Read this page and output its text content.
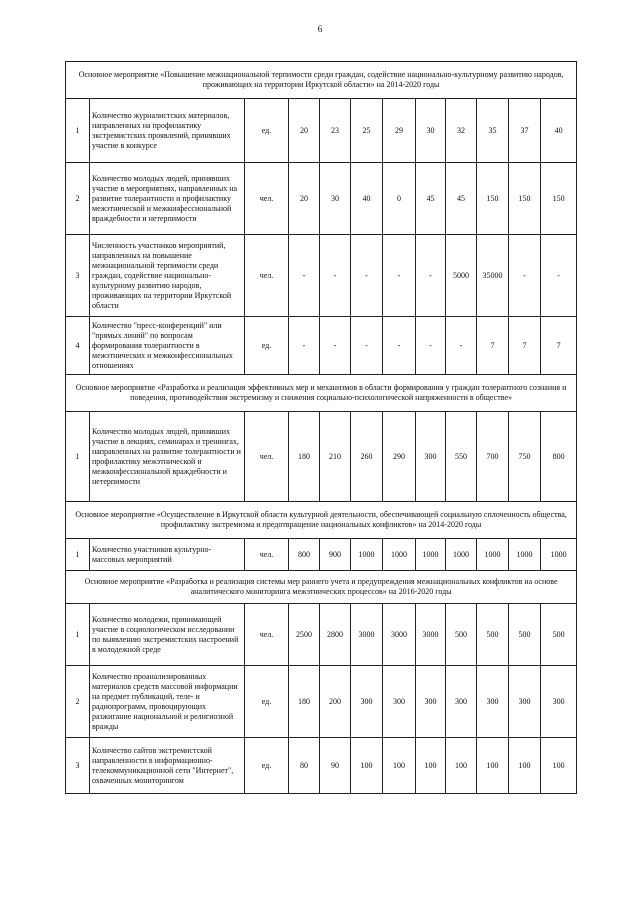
6
Основное мероприятие «Повышение межнациональной терпимости среди граждан, содействие национально-культурному развитию народов, проживающих на территории Иркутской области» на 2014-2020 годы											
1	Количество журналистских материалов, направленных на профилактику экстремистских проявлений, принявших участие в конкурсе	ед.	20	23	25	29	30	32	35	37	40
2	Количество молодых людей, принявших участие в мероприятиях, направленных на развитие толерантности и профилактику межэтнической и межконфессиональной враждебности и нетерпимости	чел.	20	30	40	0	45	45	150	150	150
3	Численность участников мероприятий, направленных на повышение межнациональной терпимости среди граждан, содействие национально-культурному развитию народов, проживающих на территории Иркутской области	чел.	-	-	-	-	-	5000	35000	-	-
4	Количество "пресс-конференций" или "прямых линий" по вопросам формирования толерантности в межэтнических и межконфессиональных отношениях	ед.	-	-	-	-	-	-	7	7	7
Основное мероприятие «Разработка и реализация эффективных мер и механизмов в области формирования у граждан толерантного сознания и поведения, противодействия экстремизму и снижения социально-психологической напряженности в обществе»											
1	Количество молодых людей, принявших участие в лекциях, семинарах и тренингах, направленных на развитие толерантности и профилактику межэтнической и межконфессиональной враждебности и нетерпимости	чел.	180	210	260	290	300	550	700	750	800
Основное мероприятие «Осуществление в Иркутской области культурной деятельности, обеспечивающей социальную сплоченность общества, профилактику экстремизма и предотвращение национальных конфликтов» на 2014-2020 годы											
1	Количество участников культурно-массовых мероприятий	чел.	800	900	1000	1000	1000	1000	1000	1000	1000
Основное мероприятие «Разработка и реализация системы мер раннего учета и предупреждения межнациональных конфликтов на основе аналитического мониторинга межэтнических процессов» на 2016-2020 годы											
1	Количество молодежи, принимающей участие в социологическом исследовании по выявлению экстремистских настроений в молодежной среде	чел.	2500	2800	3000	3000	3000	500	500	500	500
2	Количество проанализированных материалов средств массовой информации на предмет публикаций, теле- и радиопрограмм, провоцирующих разжигание национальной и религиозной вражды	ед.	180	200	300	300	300	300	300	300	300
3	Количество сайтов экстремистской направленности в информационно-телекоммуникационной сети "Интернет", охваченных мониторингом	ед.	80	90	100	100	100	100	100	100	100
